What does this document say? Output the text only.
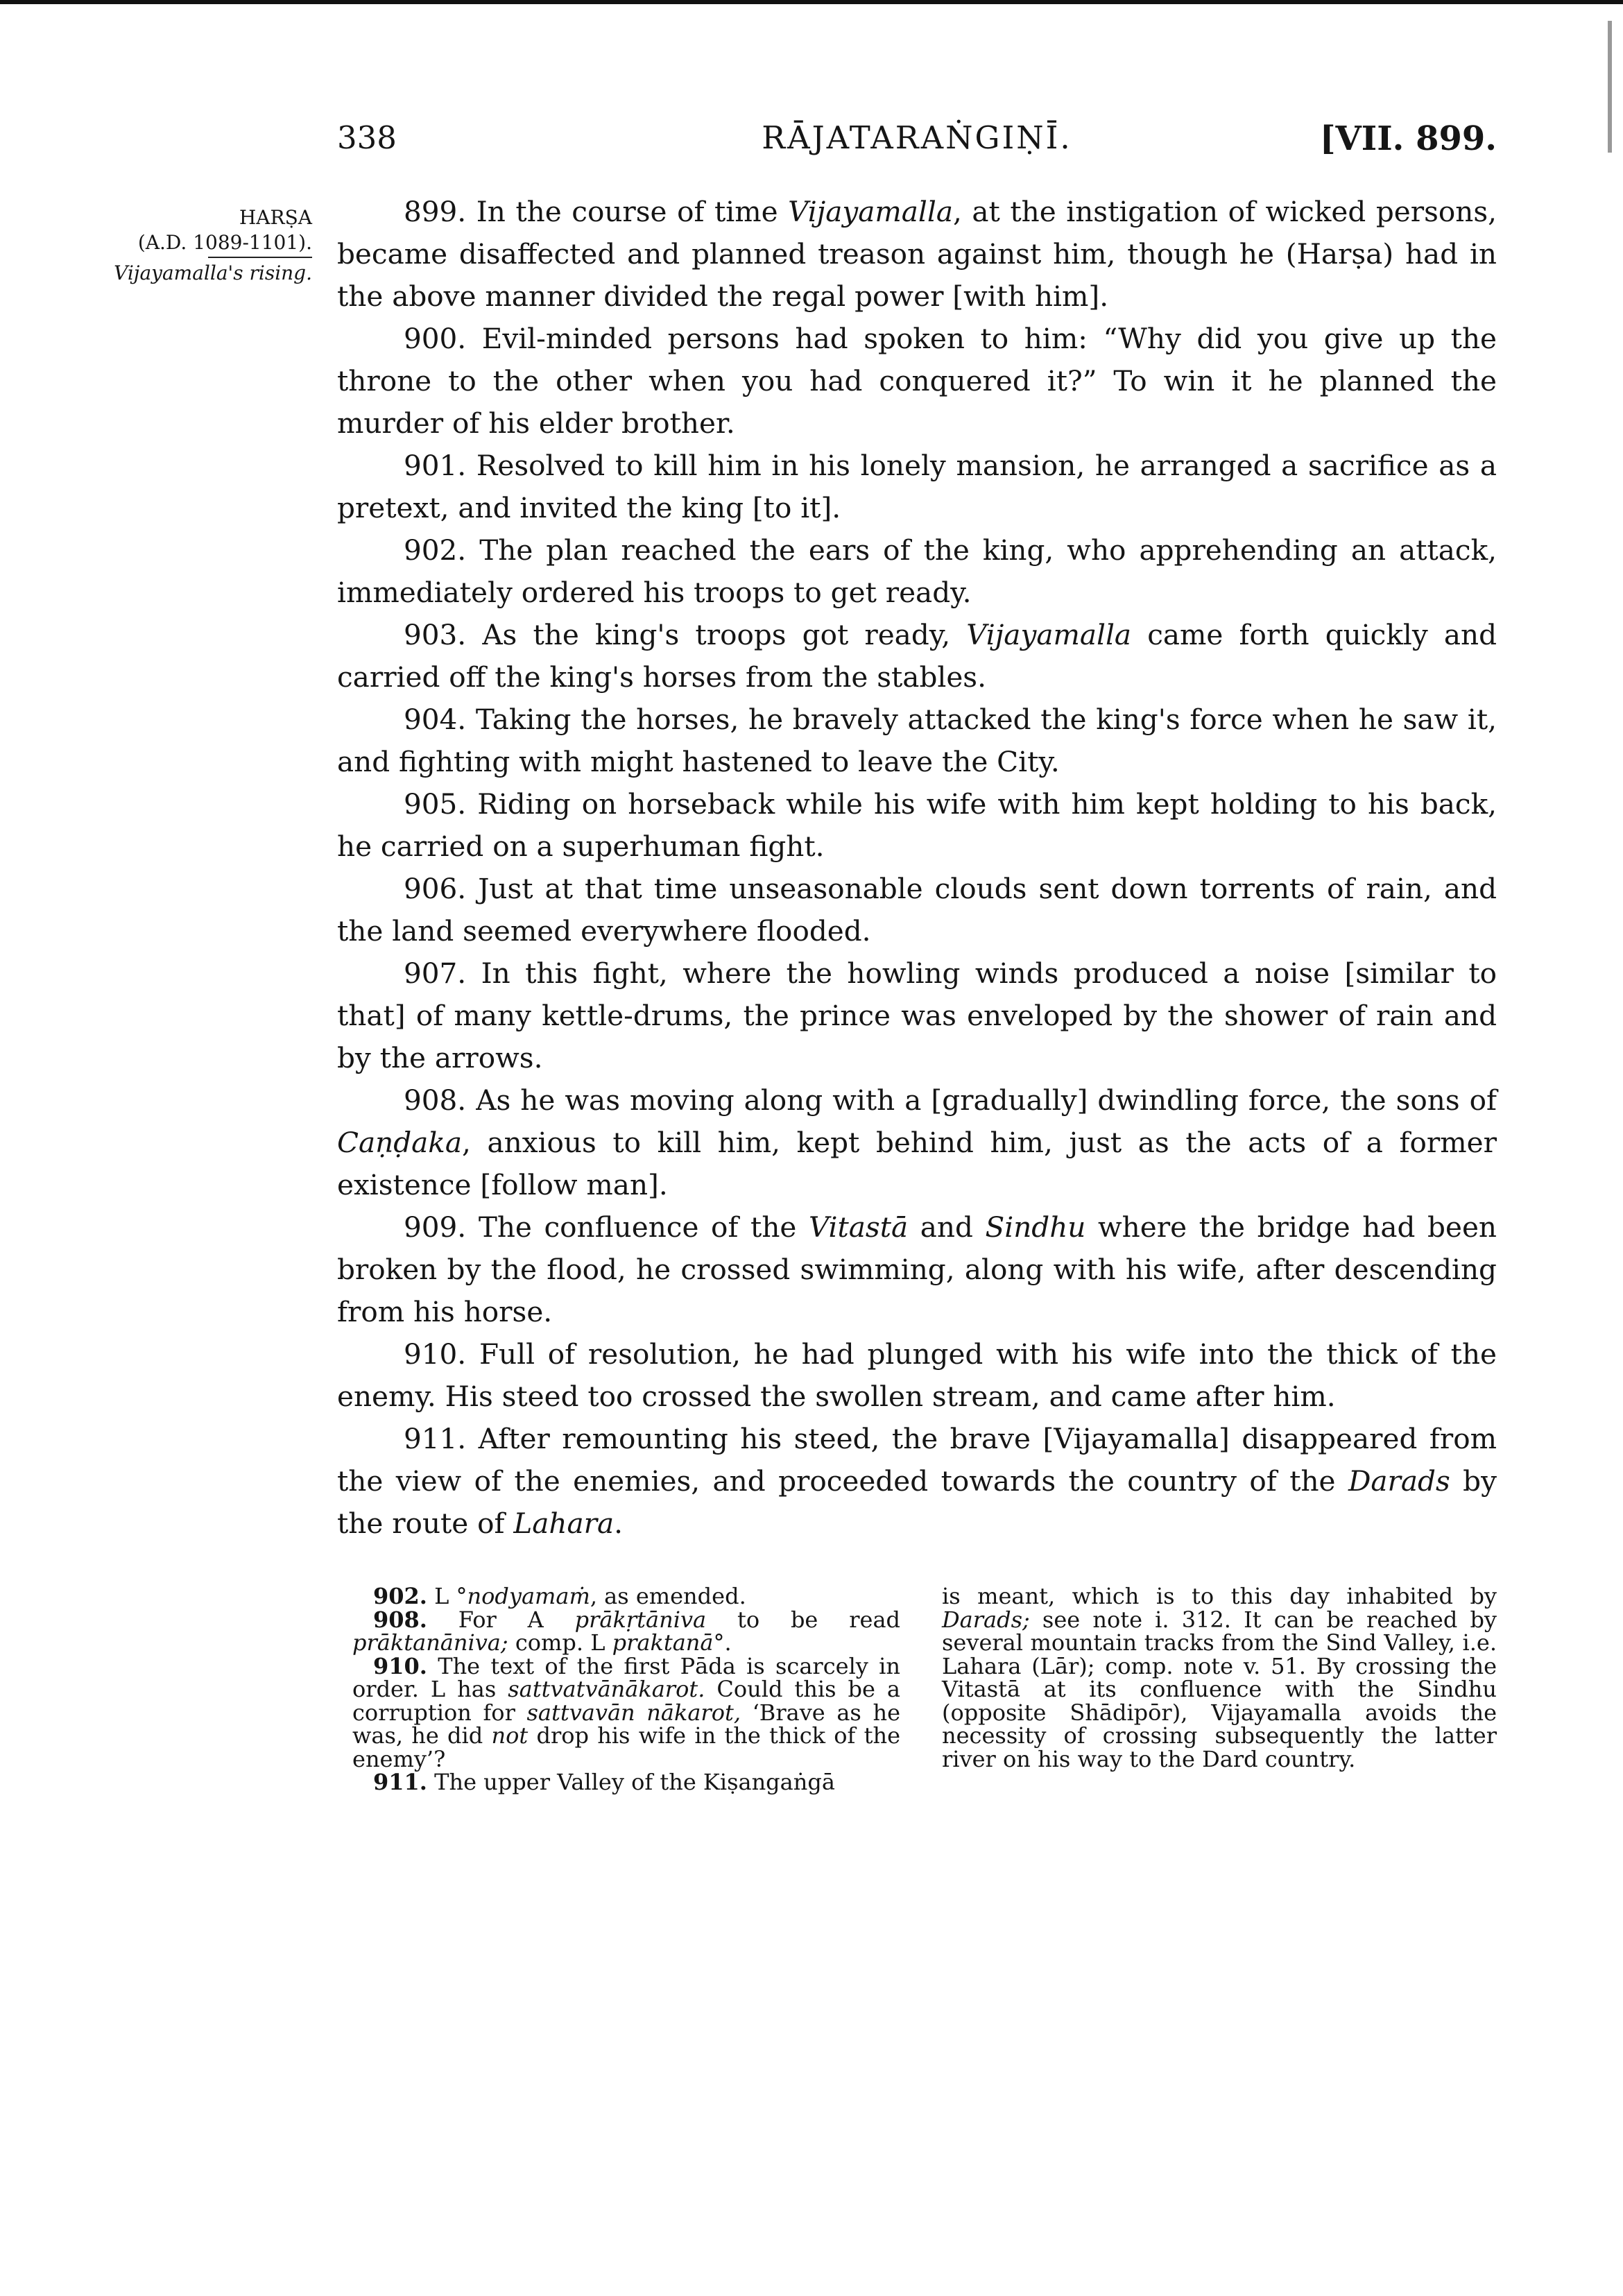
RĀJATARAṄGIṆĪ.
338	[VII. 899.
HARṢA
(A.D. 1089-1101).
Vijayamalla's rising.

899. In the course of time Vijayamalla, at the instigation of wicked persons, became disaffected and planned treason against him, though he (Harṣa) had in the above manner divided the regal power [with him].

900. Evil-minded persons had spoken to him: “Why did you give up the throne to the other when you had conquered it?” To win it he planned the murder of his elder brother.

901. Resolved to kill him in his lonely mansion, he arranged a sacrifice as a pretext, and invited the king [to it].

902. The plan reached the ears of the king, who apprehending an attack, immediately ordered his troops to get ready.

903. As the king's troops got ready, Vijayamalla came forth quickly and carried off the king's horses from the stables.

904. Taking the horses, he bravely attacked the king's force when he saw it, and fighting with might hastened to leave the City.

905. Riding on horseback while his wife with him kept holding to his back, he carried on a superhuman fight.

906. Just at that time unseasonable clouds sent down torrents of rain, and the land seemed everywhere flooded.

907. In this fight, where the howling winds produced a noise [similar to that] of many kettle-drums, the prince was enveloped by the shower of rain and by the arrows.

908. As he was moving along with a [gradually] dwindling force, the sons of Caṇḍaka, anxious to kill him, kept behind him, just as the acts of a former existence [follow man].

909. The confluence of the Vitastā and Sindhu where the bridge had been broken by the flood, he crossed swimming, along with his wife, after descending from his horse.

910. Full of resolution, he had plunged with his wife into the thick of the enemy. His steed too crossed the swollen stream, and came after him.

911. After remounting his steed, the brave [Vijayamalla] disappeared from the view of the enemies, and proceeded towards the country of the Darads by the route of Lahara.

902. L °nodyamaṁ, as emended.

908. For A prākṛtāniva to be read prāktanāniva; comp. L praktanā°.

910. The text of the first Pāda is scarcely in order. L has sattvatvānākarot. Could this be a corruption for sattvavān nākarot, ‘Brave as he was, he did not drop his wife in the thick of the enemy’?

911. The upper Valley of the Kiṣangaṅgā

is meant, which is to this day inhabited by Darads; see note i. 312. It can be reached by several mountain tracks from the Sind Valley, i.e. Lahara (Lār); comp. note v. 51. By crossing the Vitastā at its confluence with the Sindhu (opposite Shādipōr), Vijayamalla avoids the necessity of crossing subsequently the latter river on his way to the Dard country.
